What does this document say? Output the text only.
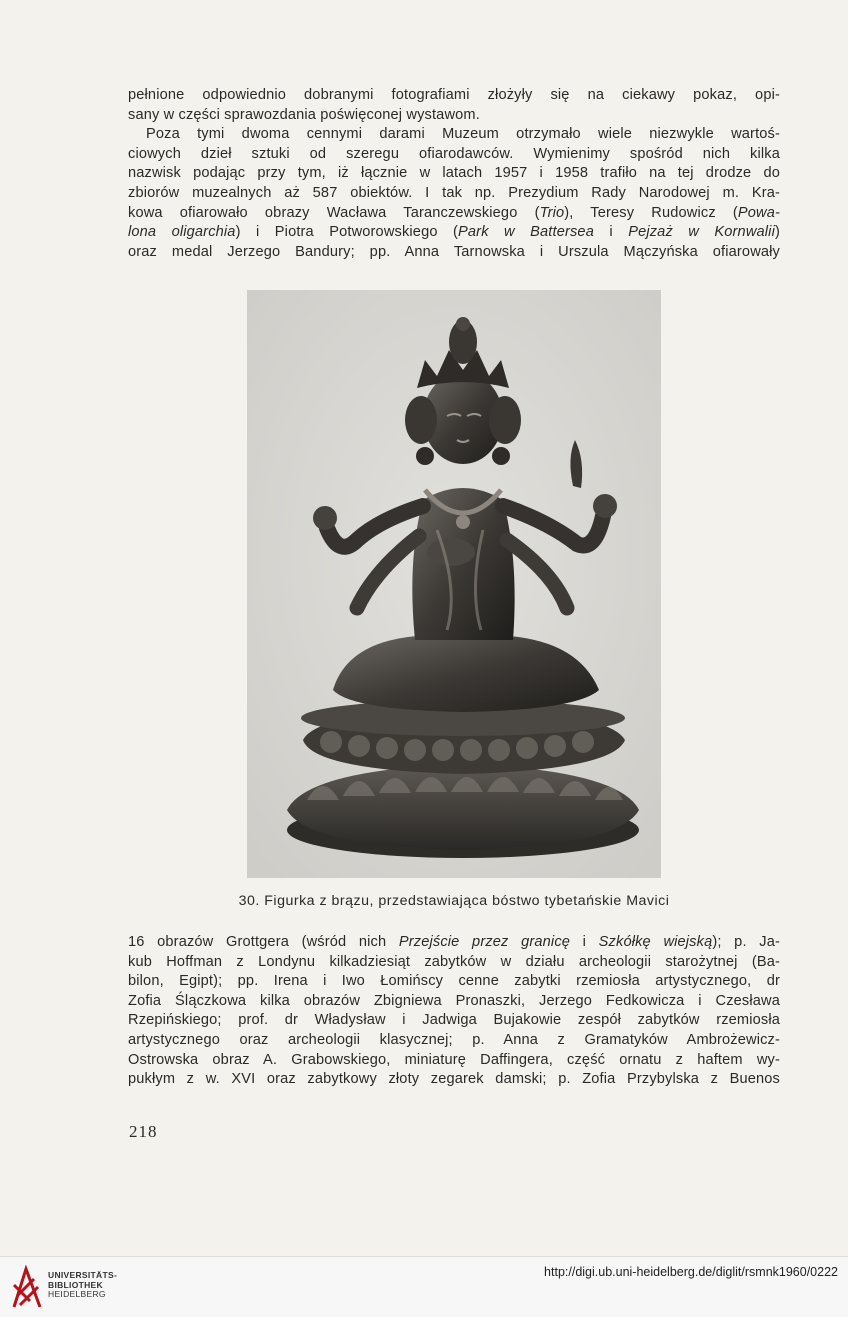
pełnione odpowiednio dobranymi fotografiami złożyły się na ciekawy pokaz, opi-
sany w części sprawozdania poświęconej wystawom.
Poza tymi dwoma cennymi darami Muzeum otrzymało wiele niezwykle wartoś-
ciowych dzieł sztuki od szeregu ofiarodawców. Wymienimy spośród nich kilka
nazwisk podając przy tym, iż łącznie w latach 1957 i 1958 trafiło na tej drodze do
zbiorów muzealnych aż 587 obiektów. I tak np. Prezydium Rady Narodowej m. Kra-
kowa ofiarowało obrazy Wacława Taranczewskiego (Trio), Teresy Rudowicz (Powa-
lona oligarchia) i Piotra Potworowskiego (Park w Battersea i Pejzaż w Kornwalii)
oraz medal Jerzego Bandury; pp. Anna Tarnowska i Urszula Mączyńska ofiarowały

30. Figurka z brązu, przedstawiająca bóstwo tybetańskie Mavici

16 obrazów Grottgera (wśród nich Przejście przez granicę i Szkółkę wiejską); p. Ja-
kub Hoffman z Londynu kilkadziesiąt zabytków w działu archeologii starożytnej (Ba-
bilon, Egipt); pp. Irena i Iwo Łomińscy cenne zabytki rzemiosła artystycznego, dr
Zofia Ślączkowa kilka obrazów Zbigniewa Pronaszki, Jerzego Fedkowicza i Czesława
Rzepińskiego; prof. dr Władysław i Jadwiga Bujakowie zespół zabytków rzemiosła
artystycznego oraz archeologii klasycznej; p. Anna z Gramatyków Ambrożewicz-
Ostrowska obraz A. Grabowskiego, miniaturę Daffingera, część ornatu z haftem wy-
pukłym z w. XVI oraz zabytkowy złoty zegarek damski; p. Zofia Przybylska z Buenos

218
UNIVERSITÄTS-
BIBLIOTHEK

HEIDELBERG
http://digi.ub.uni-heidelberg.de/diglit/rsmnk1960/0222
